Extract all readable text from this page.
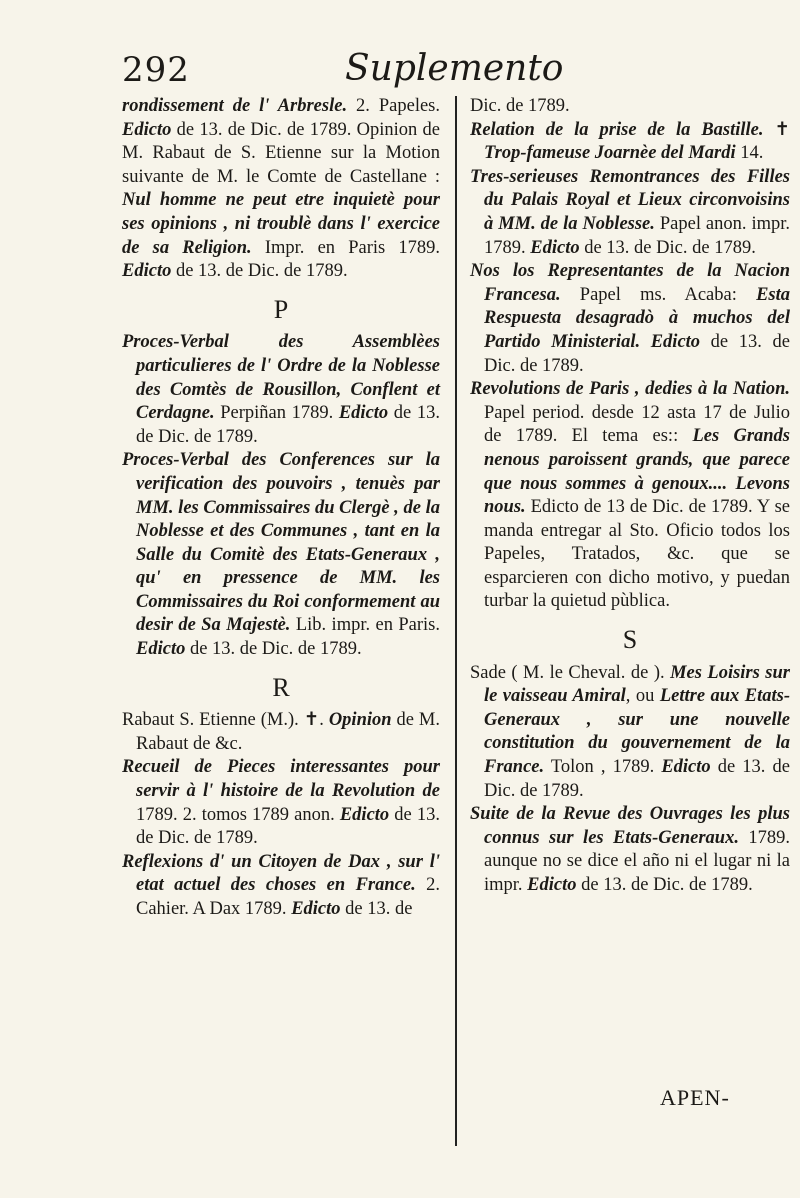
292	Suplemento

rondissement de l' Arbresle. 2. Papeles. Edicto de 13. de Dic. de 1789. Opinion de M. Rabaut de S. Etienne sur la Motion suivante de M. le Comte de Castellane : Nul homme ne peut etre inquietè pour ses opinions , ni troublè dans l' exercice de sa Religion. Impr. en Paris 1789. Edicto de 13. de Dic. de 1789.

P

Proces-Verbal des Assemblèes particulieres de l' Ordre de la Noblesse des Comtès de Rousillon, Conflent et Cerdagne. Perpiñan 1789. Edicto de 13. de Dic. de 1789.

Proces-Verbal des Conferences sur la verification des pouvoirs , tenuès par MM. les Commissaires du Clergè , de la Noblesse et des Communes , tant en la Salle du Comitè des Etats-Generaux , qu' en pressence de MM. les Commissaires du Roi conformement au desir de Sa Majestè. Lib. impr. en Paris. Edicto de 13. de Dic. de 1789.

R

Rabaut S. Etienne (M.). ✝. Opinion de M. Rabaut de &c.

Recueil de Pieces interessantes pour servir à l' histoire de la Revolution de 1789. 2. tomos 1789 anon. Edicto de 13. de Dic. de 1789.

Reflexions d' un Citoyen de Dax , sur l' etat actuel des choses en France. 2. Cahier. A Dax 1789. Edicto de 13. de

Dic. de 1789.

Relation de la prise de la Bastille. ✝ Trop-fameuse Joarnèe del Mardi 14.

Tres-serieuses Remontrances des Filles du Palais Royal et Lieux circonvoisins à MM. de la Noblesse. Papel anon. impr. 1789. Edicto de 13. de Dic. de 1789.

Nos los Representantes de la Nacion Francesa. Papel ms. Acaba: Esta Respuesta desagradò à muchos del Partido Ministerial. Edicto de 13. de Dic. de 1789.

Revolutions de Paris , dedies à la Nation. Papel period. desde 12 asta 17 de Julio de 1789. El tema es:: Les Grands nenous paroissent grands, que parece que nous sommes à genoux.... Levons nous. Edicto de 13 de Dic. de 1789. Y se manda entregar al Sto. Oficio todos los Papeles, Tratados, &c. que se esparcieren con dicho motivo, y puedan turbar la quietud pùblica.

S

Sade ( M. le Cheval. de ). Mes Loisirs sur le vaisseau Amiral, ou Lettre aux Etats-Generaux , sur une nouvelle constitution du gouvernement de la France. Tolon , 1789. Edicto de 13. de Dic. de 1789.

Suite de la Revue des Ouvrages les plus connus sur les Etats-Generaux. 1789. aunque no se dice el año ni el lugar ni la impr. Edicto de 13. de Dic. de 1789.

APEN-
